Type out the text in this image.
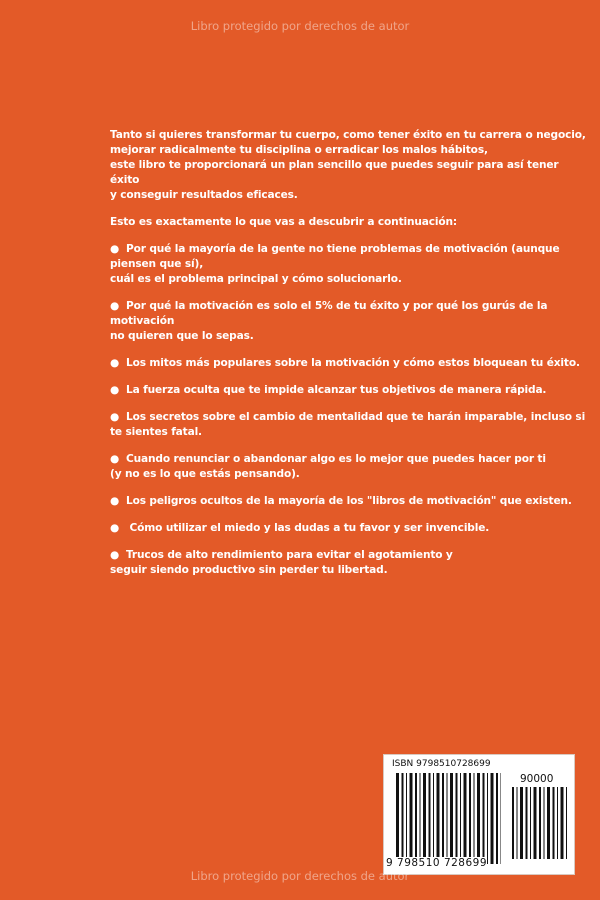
Libro protegido por derechos de autor

Tanto si quieres transformar tu cuerpo, como tener éxito en tu carrera o negocio,
mejorar radicalmente tu disciplina o erradicar los malos hábitos,
este libro te proporcionará un plan sencillo que puedes seguir para así tener éxito
y conseguir resultados eficaces.

Esto es exactamente lo que vas a descubrir a continuación:

● Por qué la mayoría de la gente no tiene problemas de motivación (aunque piensen que sí),
cuál es el problema principal y cómo solucionarlo.

● Por qué la motivación es solo el 5% de tu éxito y por qué los gurús de la motivación
no quieren que lo sepas.

● Los mitos más populares sobre la motivación y cómo estos bloquean tu éxito.

● La fuerza oculta que te impide alcanzar tus objetivos de manera rápida.

● Los secretos sobre el cambio de mentalidad que te harán imparable, incluso si te sientes fatal.

● Cuando renunciar o abandonar algo es lo mejor que puedes hacer por ti
(y no es lo que estás pensando).

● Los peligros ocultos de la mayoría de los "libros de motivación" que existen.

● Cómo utilizar el miedo y las dudas a tu favor y ser invencible.

● Trucos de alto rendimiento para evitar el agotamiento y
seguir siendo productivo sin perder tu libertad.

ISBN 9798510728699
9 798510 728699
90000
Libro protegido por derechos de autor
